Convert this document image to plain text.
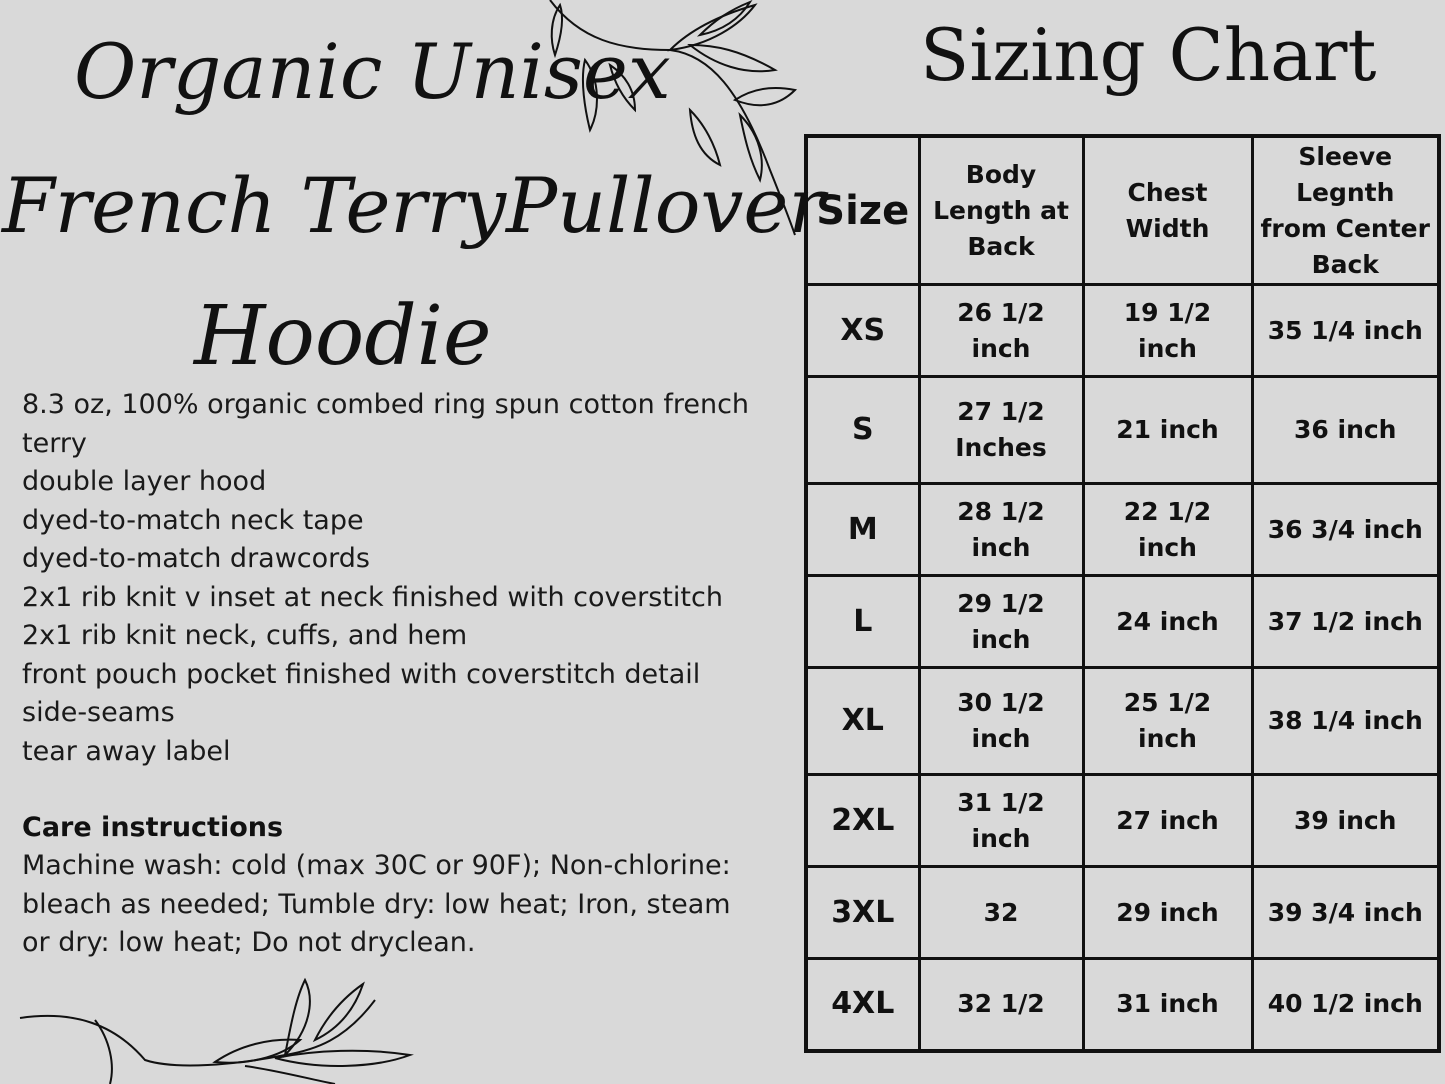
Organic Unisex
French TerryPullover
Hoodie
8.3 oz, 100% organic combed ring spun cotton french terry
double layer hood
dyed-to-match neck tape
dyed-to-match drawcords
2x1 rib knit v inset at neck finished with coverstitch
2x1 rib knit neck, cuffs, and hem
front pouch pocket finished with coverstitch detail
side-seams
tear away label
Care instructions

Machine wash: cold (max 30C or 90F); Non-chlorine: bleach as needed; Tumble dry: low heat; Iron, steam or dry: low heat; Do not dryclean.

Sizing Chart
Size	Body Length at Back	Chest Width	Sleeve Legnth from Center Back
XS	26 1/2 inch	19 1/2 inch	35 1/4 inch
S	27 1/2 Inches	21 inch	36 inch
M	28 1/2 inch	22 1/2 inch	36 3/4 inch
L	29 1/2 inch	24 inch	37 1/2 inch
XL	30 1/2 inch	25 1/2 inch	38 1/4 inch
2XL	31 1/2 inch	27 inch	39 inch
3XL	32	29 inch	39 3/4 inch
4XL	32 1/2	31 inch	40 1/2 inch
